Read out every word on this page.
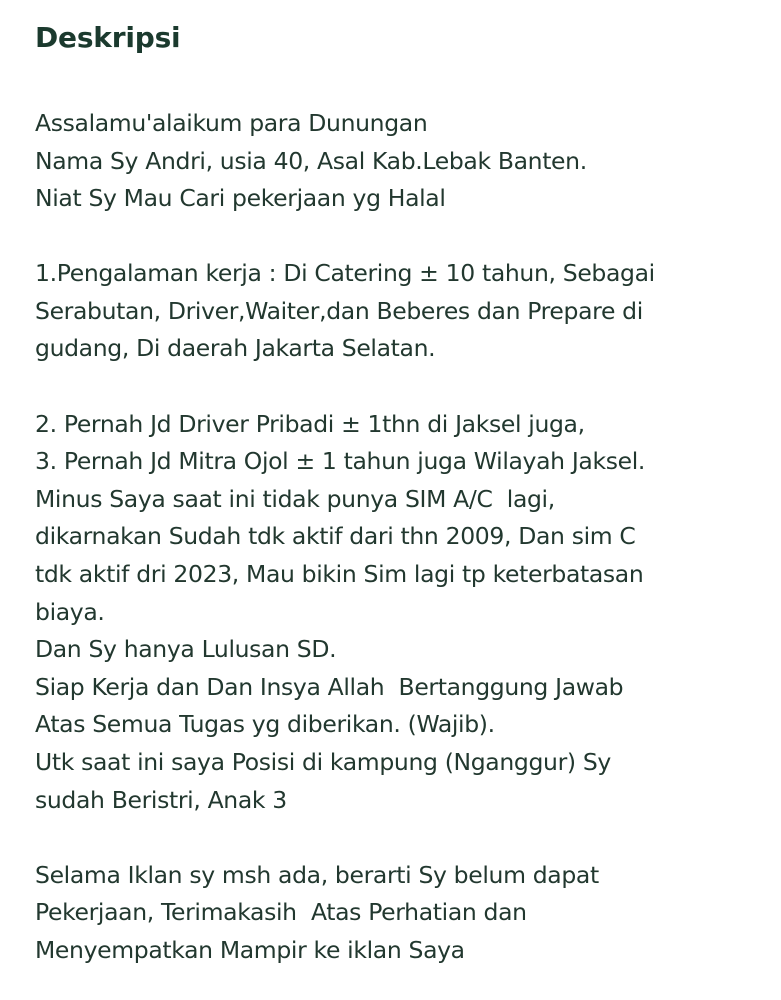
Deskripsi

Assalamu'alaikum para Dunungan
Nama Sy Andri, usia 40, Asal Kab.Lebak Banten.
Niat Sy Mau Cari pekerjaan yg Halal

1.Pengalaman kerja : Di Catering ± 10 tahun, Sebagai
Serabutan, Driver,Waiter,dan Beberes dan Prepare di
gudang, Di daerah Jakarta Selatan.

2. Pernah Jd Driver Pribadi ± 1thn di Jaksel juga,
3. Pernah Jd Mitra Ojol ± 1 tahun juga Wilayah Jaksel.
Minus Saya saat ini tidak punya SIM A/C  lagi,
dikarnakan Sudah tdk aktif dari thn 2009, Dan sim C
tdk aktif dri 2023, Mau bikin Sim lagi tp keterbatasan
biaya.
Dan Sy hanya Lulusan SD.
Siap Kerja dan Dan Insya Allah  Bertanggung Jawab
Atas Semua Tugas yg diberikan. (Wajib).
Utk saat ini saya Posisi di kampung (Nganggur) Sy
sudah Beristri, Anak 3

Selama Iklan sy msh ada, berarti Sy belum dapat
Pekerjaan, Terimakasih  Atas Perhatian dan
Menyempatkan Mampir ke iklan Saya
